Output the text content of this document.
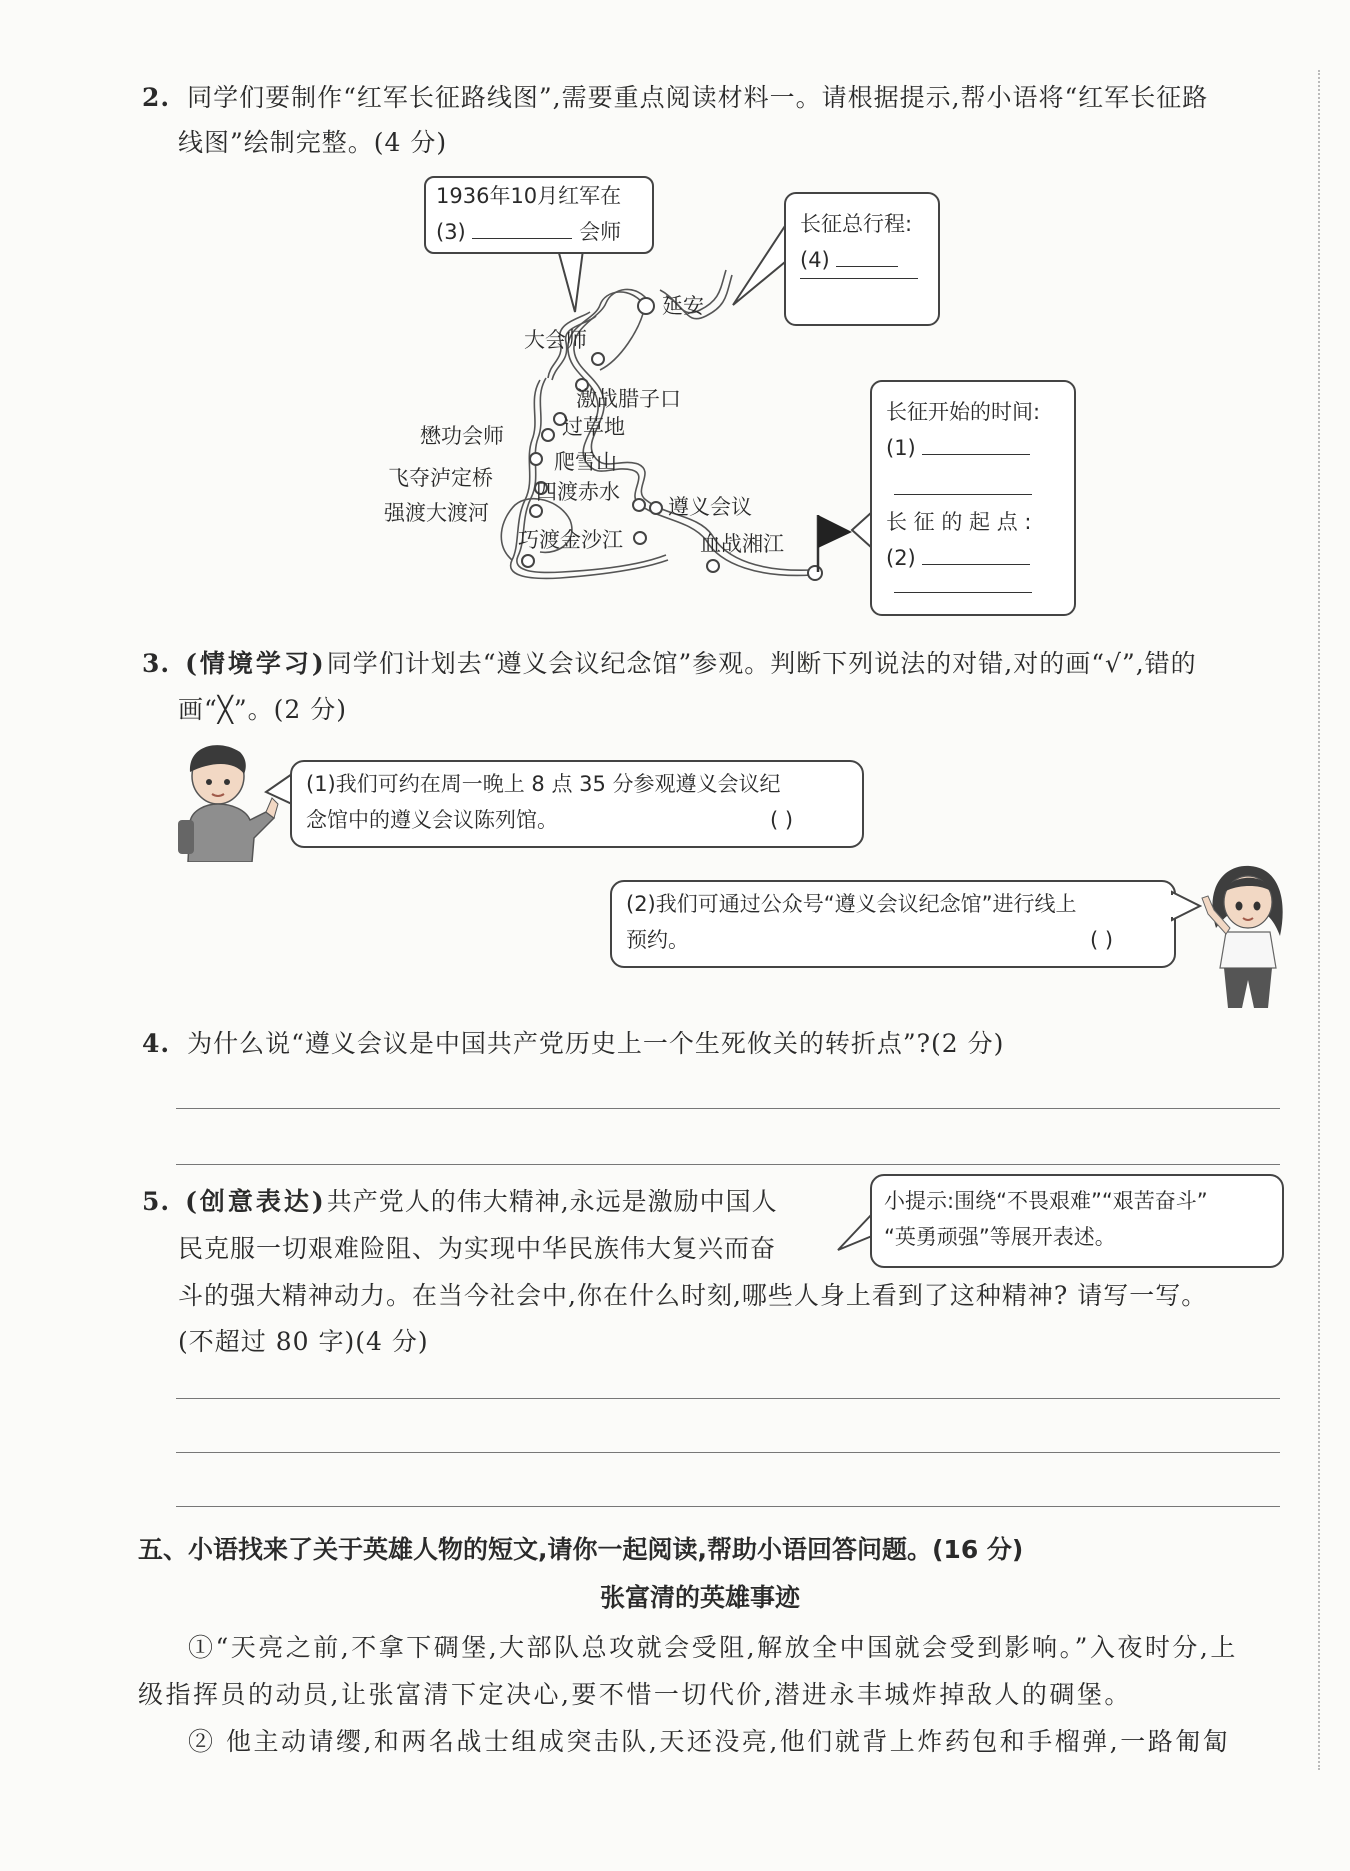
2. 同学们要制作“红军长征路线图”,需要重点阅读材料一。请根据提示,帮小语将“红军长征路
线图”绘制完整。(4 分)
1936年10月红军在
(3)	会师	长征总行程:
(4)
长征开始的时间:
(1)
长 征 的 起 点 :
(2)
延安
大会师
激战腊子口
过草地
懋功会师
爬雪山
飞夺泸定桥
四渡赤水
遵义会议
强渡大渡河
巧渡金沙江	血战湘江
3. (情境学习)同学们计划去“遵义会议纪念馆”参观。判断下列说法的对错,对的画“√”,错的
画“╳”。(2 分)
(1)我们可约在周一晚上 8 点 35 分参观遵义会议纪
念馆中的遵义会议陈列馆。	( )
(2)我们可通过公众号“遵义会议纪念馆”进行线上
预约。	( )
4. 为什么说“遵义会议是中国共产党历史上一个生死攸关的转折点”?(2 分)
5. (创意表达)共产党人的伟大精神,永远是激励中国人
民克服一切艰难险阻、为实现中华民族伟大复兴而奋
斗的强大精神动力。在当今社会中,你在什么时刻,哪些人身上看到了这种精神? 请写一写。
(不超过 80 字)(4 分)
小提示:围绕“不畏艰难”“艰苦奋斗”
“英勇顽强”等展开表述。
五、小语找来了关于英雄人物的短文,请你一起阅读,帮助小语回答问题。(16 分)
张富清的英雄事迹
①“天亮之前,不拿下碉堡,大部队总攻就会受阻,解放全中国就会受到影响。”入夜时分,上
级指挥员的动员,让张富清下定决心,要不惜一切代价,潜进永丰城炸掉敌人的碉堡。
② 他主动请缨,和两名战士组成突击队,天还没亮,他们就背上炸药包和手榴弹,一路匍匐
